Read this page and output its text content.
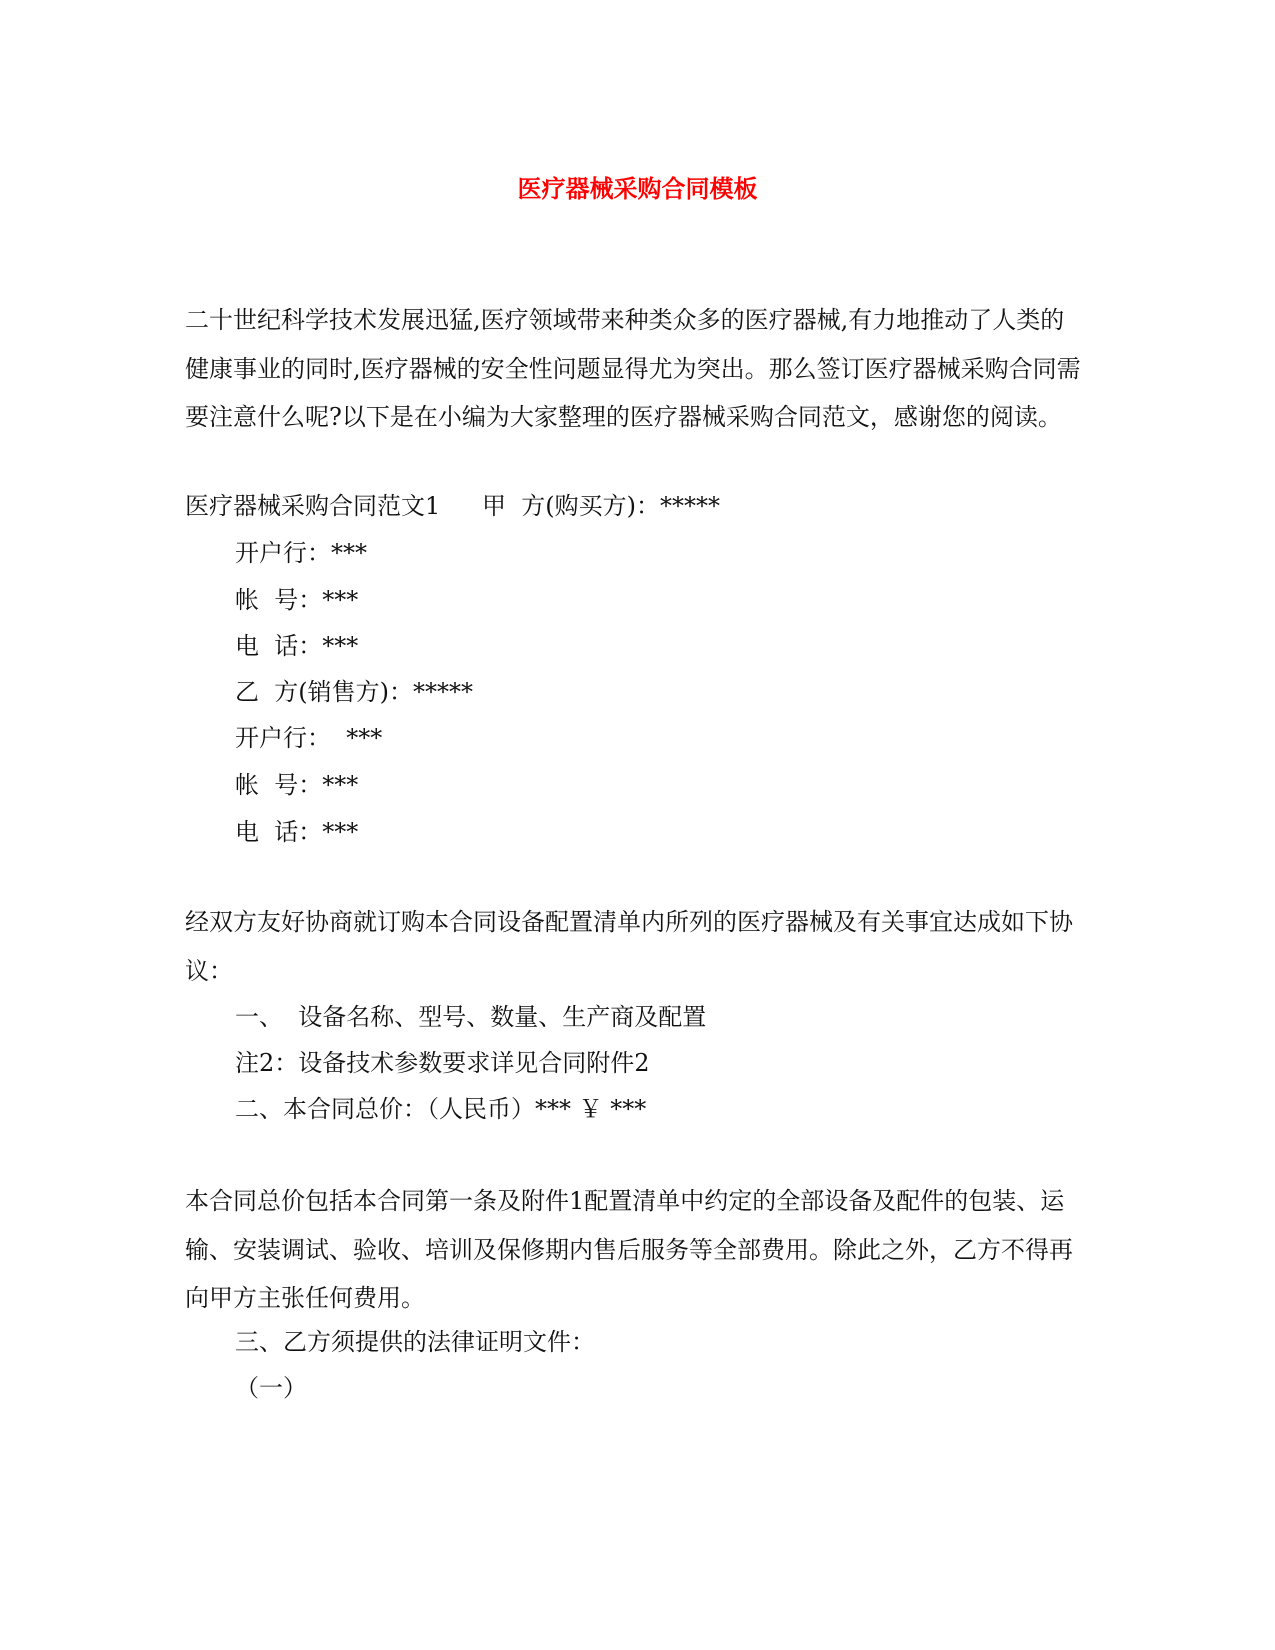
医疗器械采购合同模板

二十世纪科学技术发展迅猛,医疗领域带来种类众多的医疗器械,有力地推动了人类的健康事业的同时,医疗器械的安全性问题显得尤为突出。那么签订医疗器械采购合同需要注意什么呢?以下是在小编为大家整理的医疗器械采购合同范文，感谢您的阅读。

医疗器械采购合同范文1 甲  方(购买方)：*****
开户行：***
帐  号：***
电  话：***
乙  方(销售方)：*****
开户行：  ***
帐  号：***
电  话：***

经双方友好协商就订购本合同设备配置清单内所列的医疗器械及有关事宜达成如下协议：

一、  设备名称、型号、数量、生产商及配置
注2：设备技术参数要求详见合同附件2
二、本合同总价：（人民币）*** ￥ ***

本合同总价包括本合同第一条及附件1配置清单中约定的全部设备及配件的包装、运输、安装调试、验收、培训及保修期内售后服务等全部费用。除此之外，乙方不得再向甲方主张任何费用。

三、乙方须提供的法律证明文件：
（一）
